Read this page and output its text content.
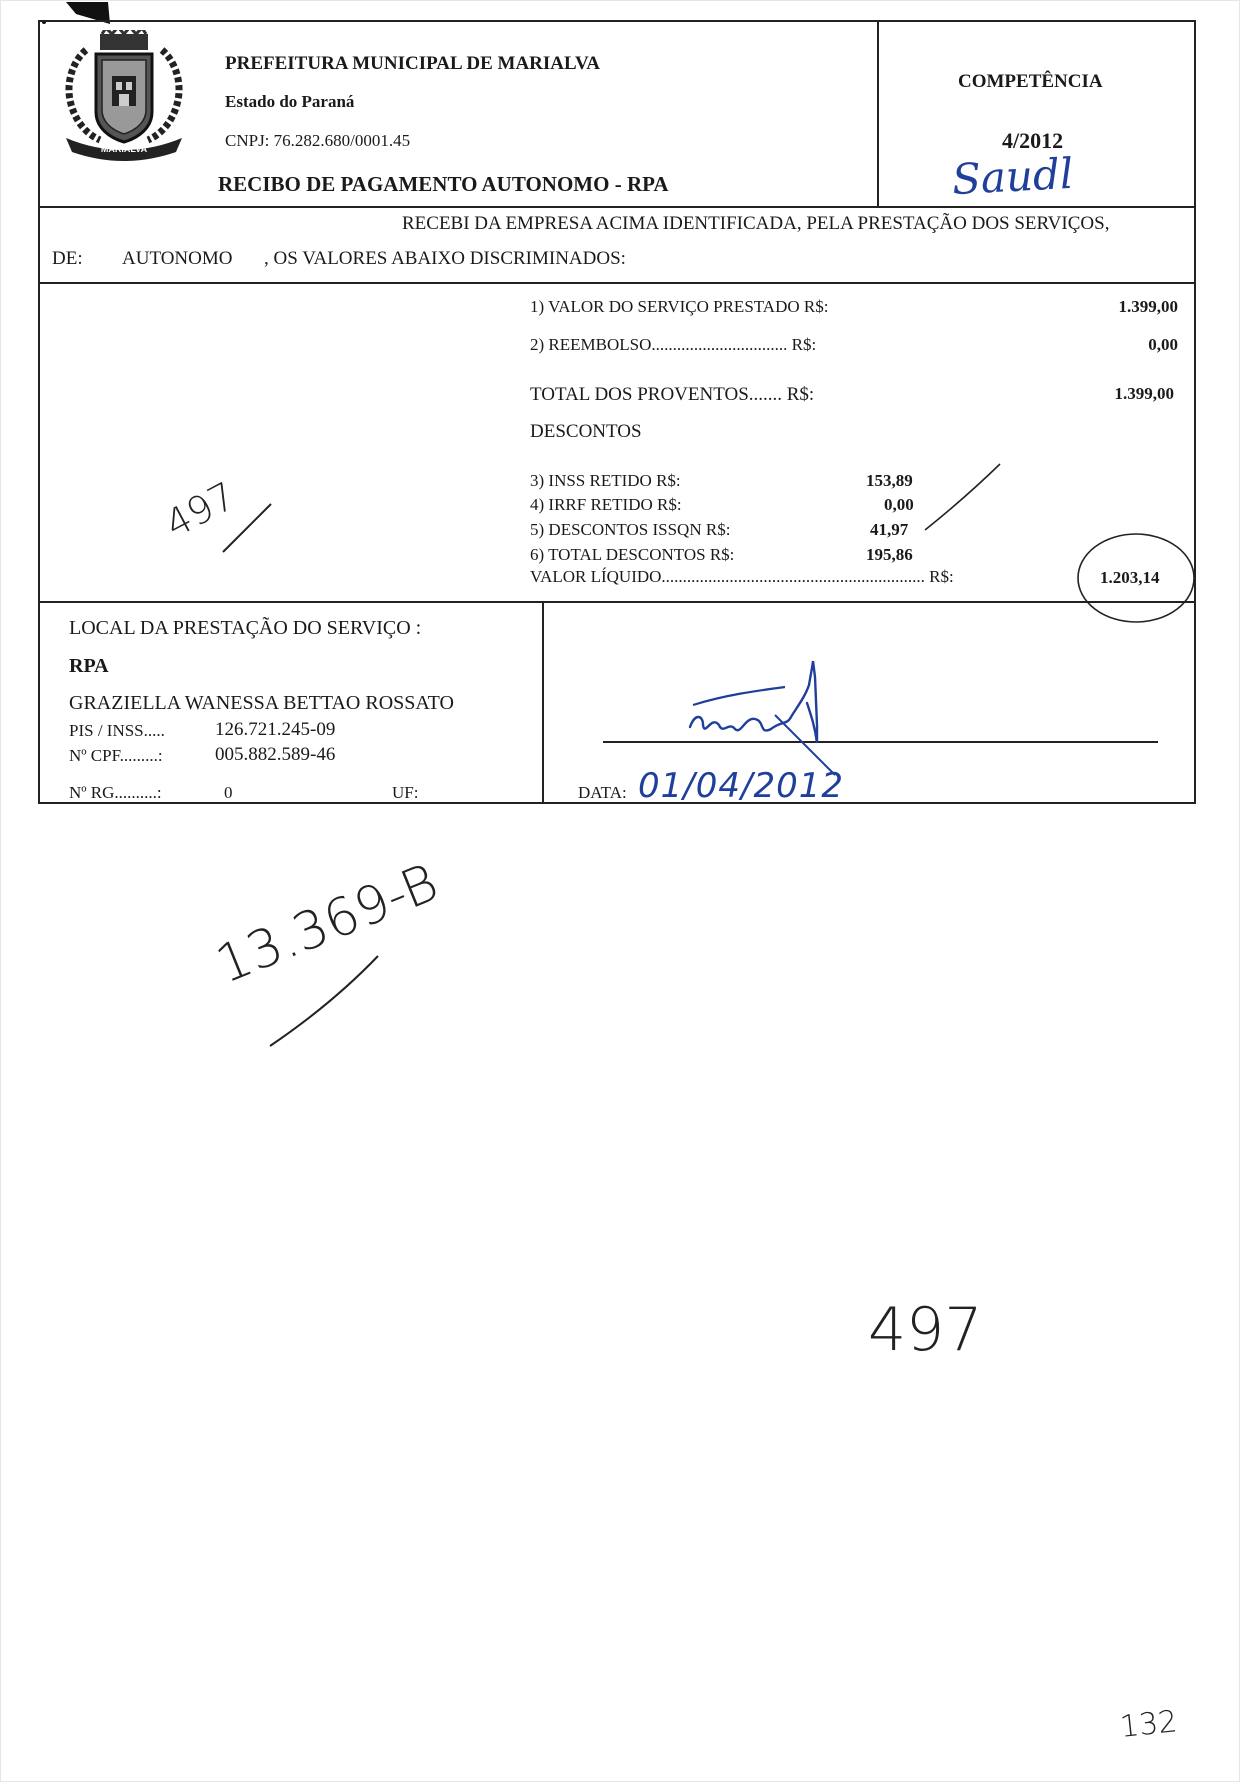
MARIALVA
PREFEITURA MUNICIPAL DE MARIALVA
Estado do Paraná
CNPJ: 76.282.680/0001.45
RECIBO DE PAGAMENTO AUTONOMO - RPA
COMPETÊNCIA
4/2012
RECEBI DA EMPRESA ACIMA IDENTIFICADA, PELA PRESTAÇÃO DOS SERVIÇOS,
DE: AUTONOMO , OS VALORES ABAIXO DISCRIMINADOS:
1) VALOR DO SERVIÇO PRESTADO R$:	1.399,00
2) REEMBOLSO................................ R$:	0,00
TOTAL DOS PROVENTOS....... R$:	1.399,00
DESCONTOS
3) INSS RETIDO R$:	153,89
4) IRRF RETIDO R$:	0,00
5) DESCONTOS ISSQN R$:	41,97
6) TOTAL DESCONTOS R$:	195,86
VALOR LÍQUIDO.............................................................. R$:	1.203,14
LOCAL DA PRESTAÇÃO DO SERVIÇO :
RPA
GRAZIELLA WANESSA BETTAO ROSSATO
PIS / INSS.....	126.721.245-09
Nº CPF.........:	005.882.589-46
Nº RG..........:	0	UF:	DATA:
Saudl
497
01/04/2012
13.369-B
497
132
